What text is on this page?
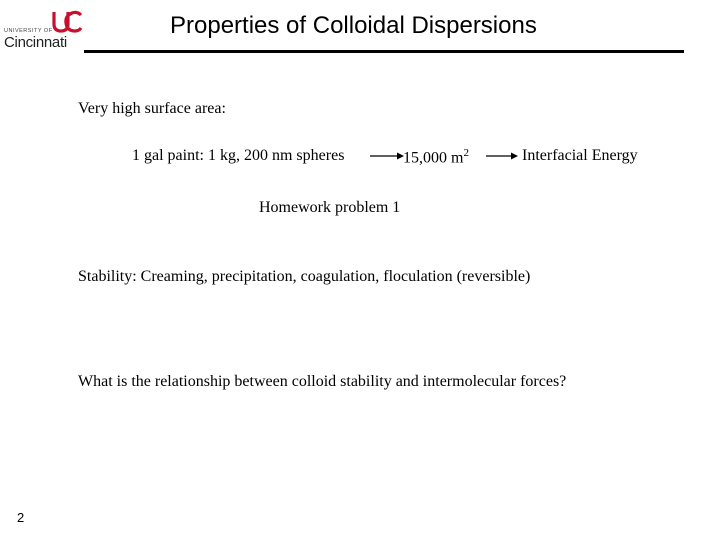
UNIVERSITY OF
Cincinnati
Properties of Colloidal Dispersions
Very high surface area:
1 gal paint: 1 kg, 200 nm spheres	15,000 $m^2$	Interfacial Energy
Homework problem 1
Stability: Creaming, precipitation, coagulation, floculation (reversible)
What is the relationship between colloid stability and intermolecular forces?
2
